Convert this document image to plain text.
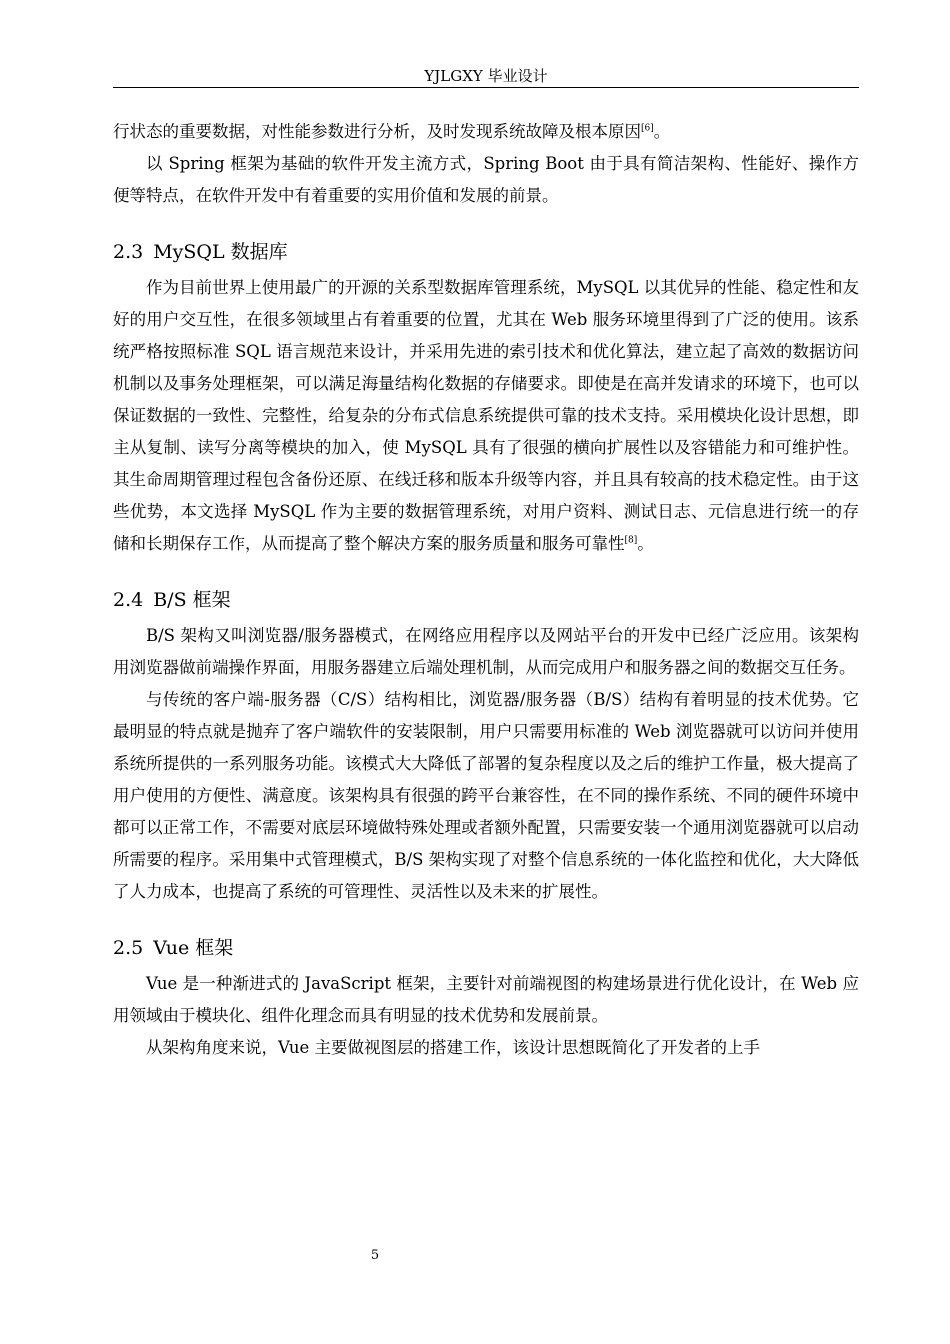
YJLGXY 毕业设计

行状态的重要数据，对性能参数进行分析，及时发现系统故障及根本原因[6]。

以 Spring 框架为基础的软件开发主流方式，Spring Boot 由于具有简洁架构、性能好、操作方便等特点，在软件开发中有着重要的实用价值和发展的前景。

2.3 MySQL 数据库

作为目前世界上使用最广的开源的关系型数据库管理系统，MySQL 以其优异的性能、稳定性和友好的用户交互性，在很多领域里占有着重要的位置，尤其在 Web 服务环境里得到了广泛的使用。该系统严格按照标准 SQL 语言规范来设计，并采用先进的索引技术和优化算法，建立起了高效的数据访问机制以及事务处理框架，可以满足海量结构化数据的存储要求。即使是在高并发请求的环境下，也可以保证数据的一致性、完整性，给复杂的分布式信息系统提供可靠的技术支持。采用模块化设计思想，即主从复制、读写分离等模块的加入，使 MySQL 具有了很强的横向扩展性以及容错能力和可维护性。其生命周期管理过程包含备份还原、在线迁移和版本升级等内容，并且具有较高的技术稳定性。由于这些优势，本文选择 MySQL 作为主要的数据管理系统，对用户资料、测试日志、元信息进行统一的存储和长期保存工作，从而提高了整个解决方案的服务质量和服务可靠性[8]。

2.4 B/S 框架

B/S 架构又叫浏览器/服务器模式，在网络应用程序以及网站平台的开发中已经广泛应用。该架构用浏览器做前端操作界面，用服务器建立后端处理机制，从而完成用户和服务器之间的数据交互任务。

与传统的客户端-服务器（C/S）结构相比，浏览器/服务器（B/S）结构有着明显的技术优势。它最明显的特点就是抛弃了客户端软件的安装限制，用户只需要用标准的 Web 浏览器就可以访问并使用系统所提供的一系列服务功能。该模式大大降低了部署的复杂程度以及之后的维护工作量，极大提高了用户使用的方便性、满意度。该架构具有很强的跨平台兼容性，在不同的操作系统、不同的硬件环境中都可以正常工作，不需要对底层环境做特殊处理或者额外配置，只需要安装一个通用浏览器就可以启动所需要的程序。采用集中式管理模式，B/S 架构实现了对整个信息系统的一体化监控和优化，大大降低了人力成本，也提高了系统的可管理性、灵活性以及未来的扩展性。

2.5 Vue 框架

Vue 是一种渐进式的 JavaScript 框架，主要针对前端视图的构建场景进行优化设计，在 Web 应用领域由于模块化、组件化理念而具有明显的技术优势和发展前景。

从架构角度来说，Vue 主要做视图层的搭建工作，该设计思想既简化了开发者的上手

5
